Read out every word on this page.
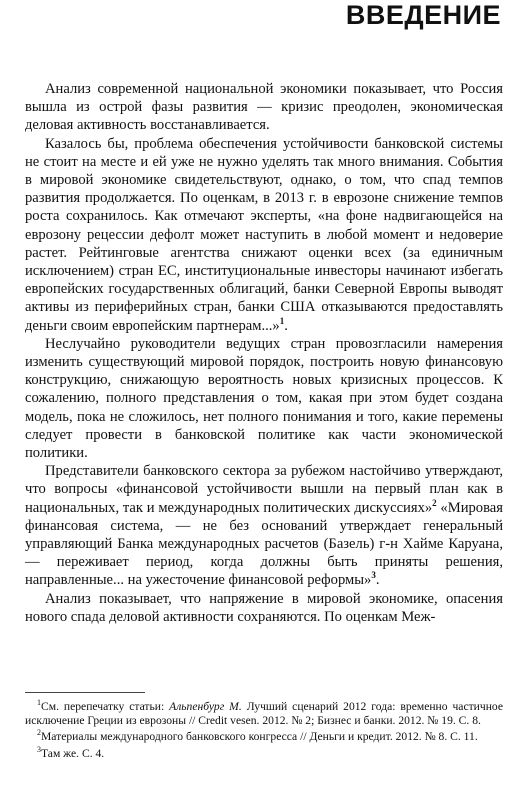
ВВЕДЕНИЕ

Анализ современной национальной экономики показывает, что Россия вышла из острой фазы развития — кризис преодолен, экономическая деловая активность восстанавливается.

Казалось бы, проблема обеспечения устойчивости банковской системы не стоит на месте и ей уже не нужно уделять так много внимания. События в мировой экономике свидетельствуют, однако, о том, что спад темпов развития продолжается. По оценкам, в 2013 г. в еврозоне снижение темпов роста сохранилось. Как отмечают эксперты, «на фоне надвигающейся на еврозону рецессии дефолт может наступить в любой момент и недоверие растет. Рейтинговые агентства снижают оценки всех (за единичным исключением) стран ЕС, институциональные инвесторы начинают избегать европейских государственных облигаций, банки Северной Европы выводят активы из периферийных стран, банки США отказываются предоставлять деньги своим европейским партнерам...»$^1$.

Неслучайно руководители ведущих стран провозгласили намерения изменить существующий мировой порядок, построить новую финансовую конструкцию, снижающую вероятность новых кризисных процессов. К сожалению, полного представления о том, какая при этом будет создана модель, пока не сложилось, нет полного понимания и того, какие перемены следует провести в банковской политике как части экономической политики.

Представители банковского сектора за рубежом настойчиво утверждают, что вопросы «финансовой устойчивости вышли на первый план как в национальных, так и международных политических дискуссиях»$^2$ «Мировая финансовая система, — не без оснований утверждает генеральный управляющий Банка международных расчетов (Базель) г-н Хайме Каруана, — переживает период, когда должны быть приняты решения, направленные... на ужесточение финансовой реформы»$^3$.

Анализ показывает, что напряжение в мировой экономике, опасения нового спада деловой активности сохраняются. По оценкам Меж-

$^1$См. перепечатку статьи: Альпенбург М. Лучший сценарий 2012 года: временно частичное исключение Греции из еврозоны // Credit vesen. 2012. № 2; Бизнес и банки. 2012. № 19. С. 8.

$^2$Материалы международного банковского конгресса // Деньги и кредит. 2012. № 8. С. 11.

$^3$Там же. С. 4.
